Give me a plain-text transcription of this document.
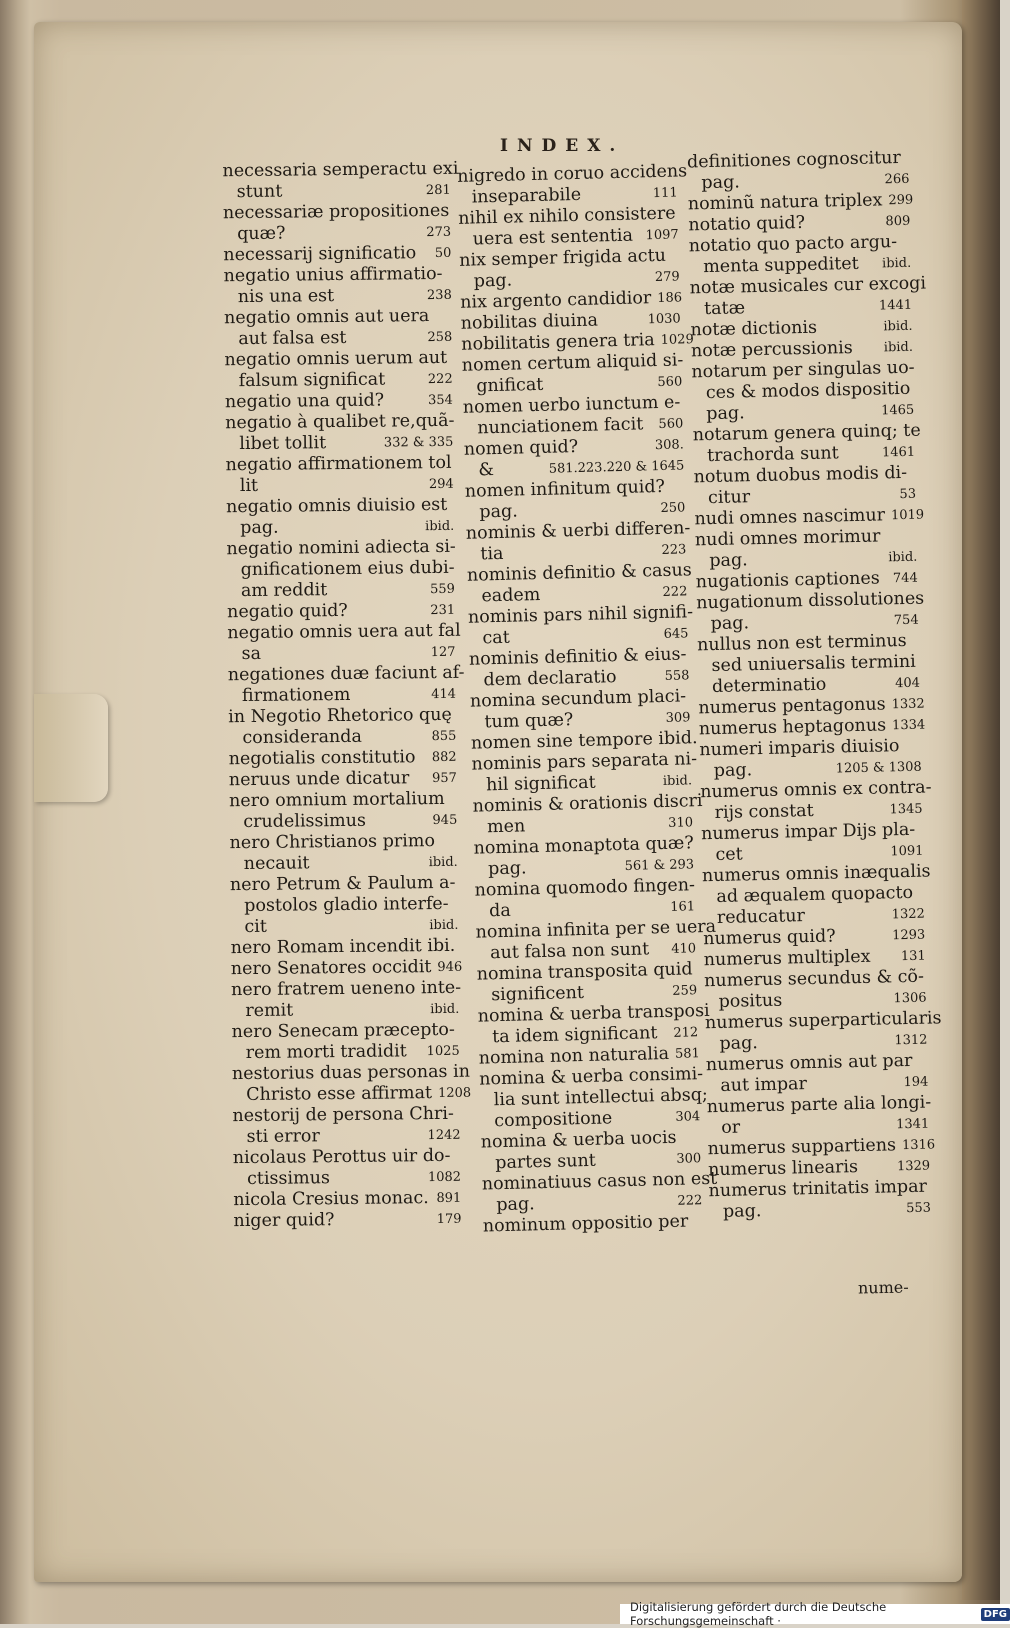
INDEX.
necessaria semperactu exi
stunt	281
necessariæ propositiones
quæ?	273
necessarij significatio 50
negatio unius affirmatio-
nis una est	238
negatio omnis aut uera
aut falsa est	258
negatio omnis uerum aut
falsum significat	222
negatio una quid?	354
negatio à qualibet re,quã-
libet tollit	332 & 335
negatio affirmationem tol
lit	294
negatio omnis diuisio est
pag.	ibid.
negatio nomini adiecta si-
gnificationem eius dubi-
am reddit	559
negatio quid?	231
negatio omnis uera aut fal
sa	127
negationes duæ faciunt af-
firmationem	414
in Negotio Rhetorico quę
consideranda	855
negotialis constitutio 882
neruus unde dicatur 957
nero omnium mortalium
crudelissimus	945
nero Christianos primo
necauit	ibid.
nero Petrum & Paulum a-
postolos gladio interfe-
cit	ibid.
nero Romam incendit ibi.
nero Senatores occidit 946
nero fratrem ueneno inte-
remit	ibid.
nero Senecam præcepto-
rem morti tradidit 1025
nestorius duas personas in
Christo esse affirmat 1208
nestorij de persona Chri-
sti error	1242
nicolaus Perottus uir do-
ctissimus	1082
nicola Cresius monac. 891
niger quid?	179
nigredo in coruo accidens
inseparabile	111
nihil ex nihilo consistere
uera est sententia 1097
nix semper frigida actu
pag.	279
nix argento candidior 186
nobilitas diuina	1030
nobilitatis genera tria 1029
nomen certum aliquid si-
gnificat	560
nomen uerbo iunctum e-
nunciationem facit 560
nomen quid?	308.
&	581.223.220 & 1645
nomen infinitum quid?
pag.	250
nominis & uerbi differen-
tia	223
nominis definitio & casus
eadem	222
nominis pars nihil signifi-
cat	645
nominis definitio & eius-
dem declaratio	558
nomina secundum placi-
tum quæ?	309
nomen sine tempore ibid.
nominis pars separata ni-
hil significat	ibid.
nominis & orationis discri
men	310
nomina monaptota quæ?
pag.	561 & 293
nomina quomodo fingen-
da	161
nomina infinita per se uera
aut falsa non sunt 410
nomina transposita quid
significent	259
nomina & uerba transposi
ta idem significant 212
nomina non naturalia 581
nomina & uerba consimi-
lia sunt intellectui absq;
compositione	304
nomina & uerba uocis
partes sunt	300
nominatiuus casus non est
pag.	222
nominum oppositio per
definitiones cognoscitur
pag.	266
nominũ natura triplex 299
notatio quid?	809
notatio quo pacto argu-
menta suppeditet ibid.
notæ musicales cur excogi
tatæ	1441
notæ dictionis	ibid.
notæ percussionis ibid.
notarum per singulas uo-
ces & modos dispositio
pag.	1465
notarum genera quinq; te
trachorda sunt	1461
notum duobus modis di-
citur	53
nudi omnes nascimur 1019
nudi omnes morimur
pag.	ibid.
nugationis captiones 744
nugationum dissolutiones
pag.	754
nullus non est terminus
sed uniuersalis termini
determinatio	404
numerus pentagonus 1332
numerus heptagonus 1334
numeri imparis diuisio
pag.	1205 & 1308
numerus omnis ex contra-
rijs constat	1345
numerus impar Dijs pla-
cet	1091
numerus omnis inæqualis
ad æqualem quopacto
reducatur	1322
numerus quid?	1293
numerus multiplex 131
numerus secundus & cõ-
positus	1306
numerus superparticularis
pag.	1312
numerus omnis aut par
aut impar	194
numerus parte alia longi-
or	1341
numerus suppartiens 1316
numerus linearis	1329
numerus trinitatis impar
pag.	553
nume-
Digitalisierung gefördert durch die Deutsche Forschungsgemeinschaft ·	DFG
